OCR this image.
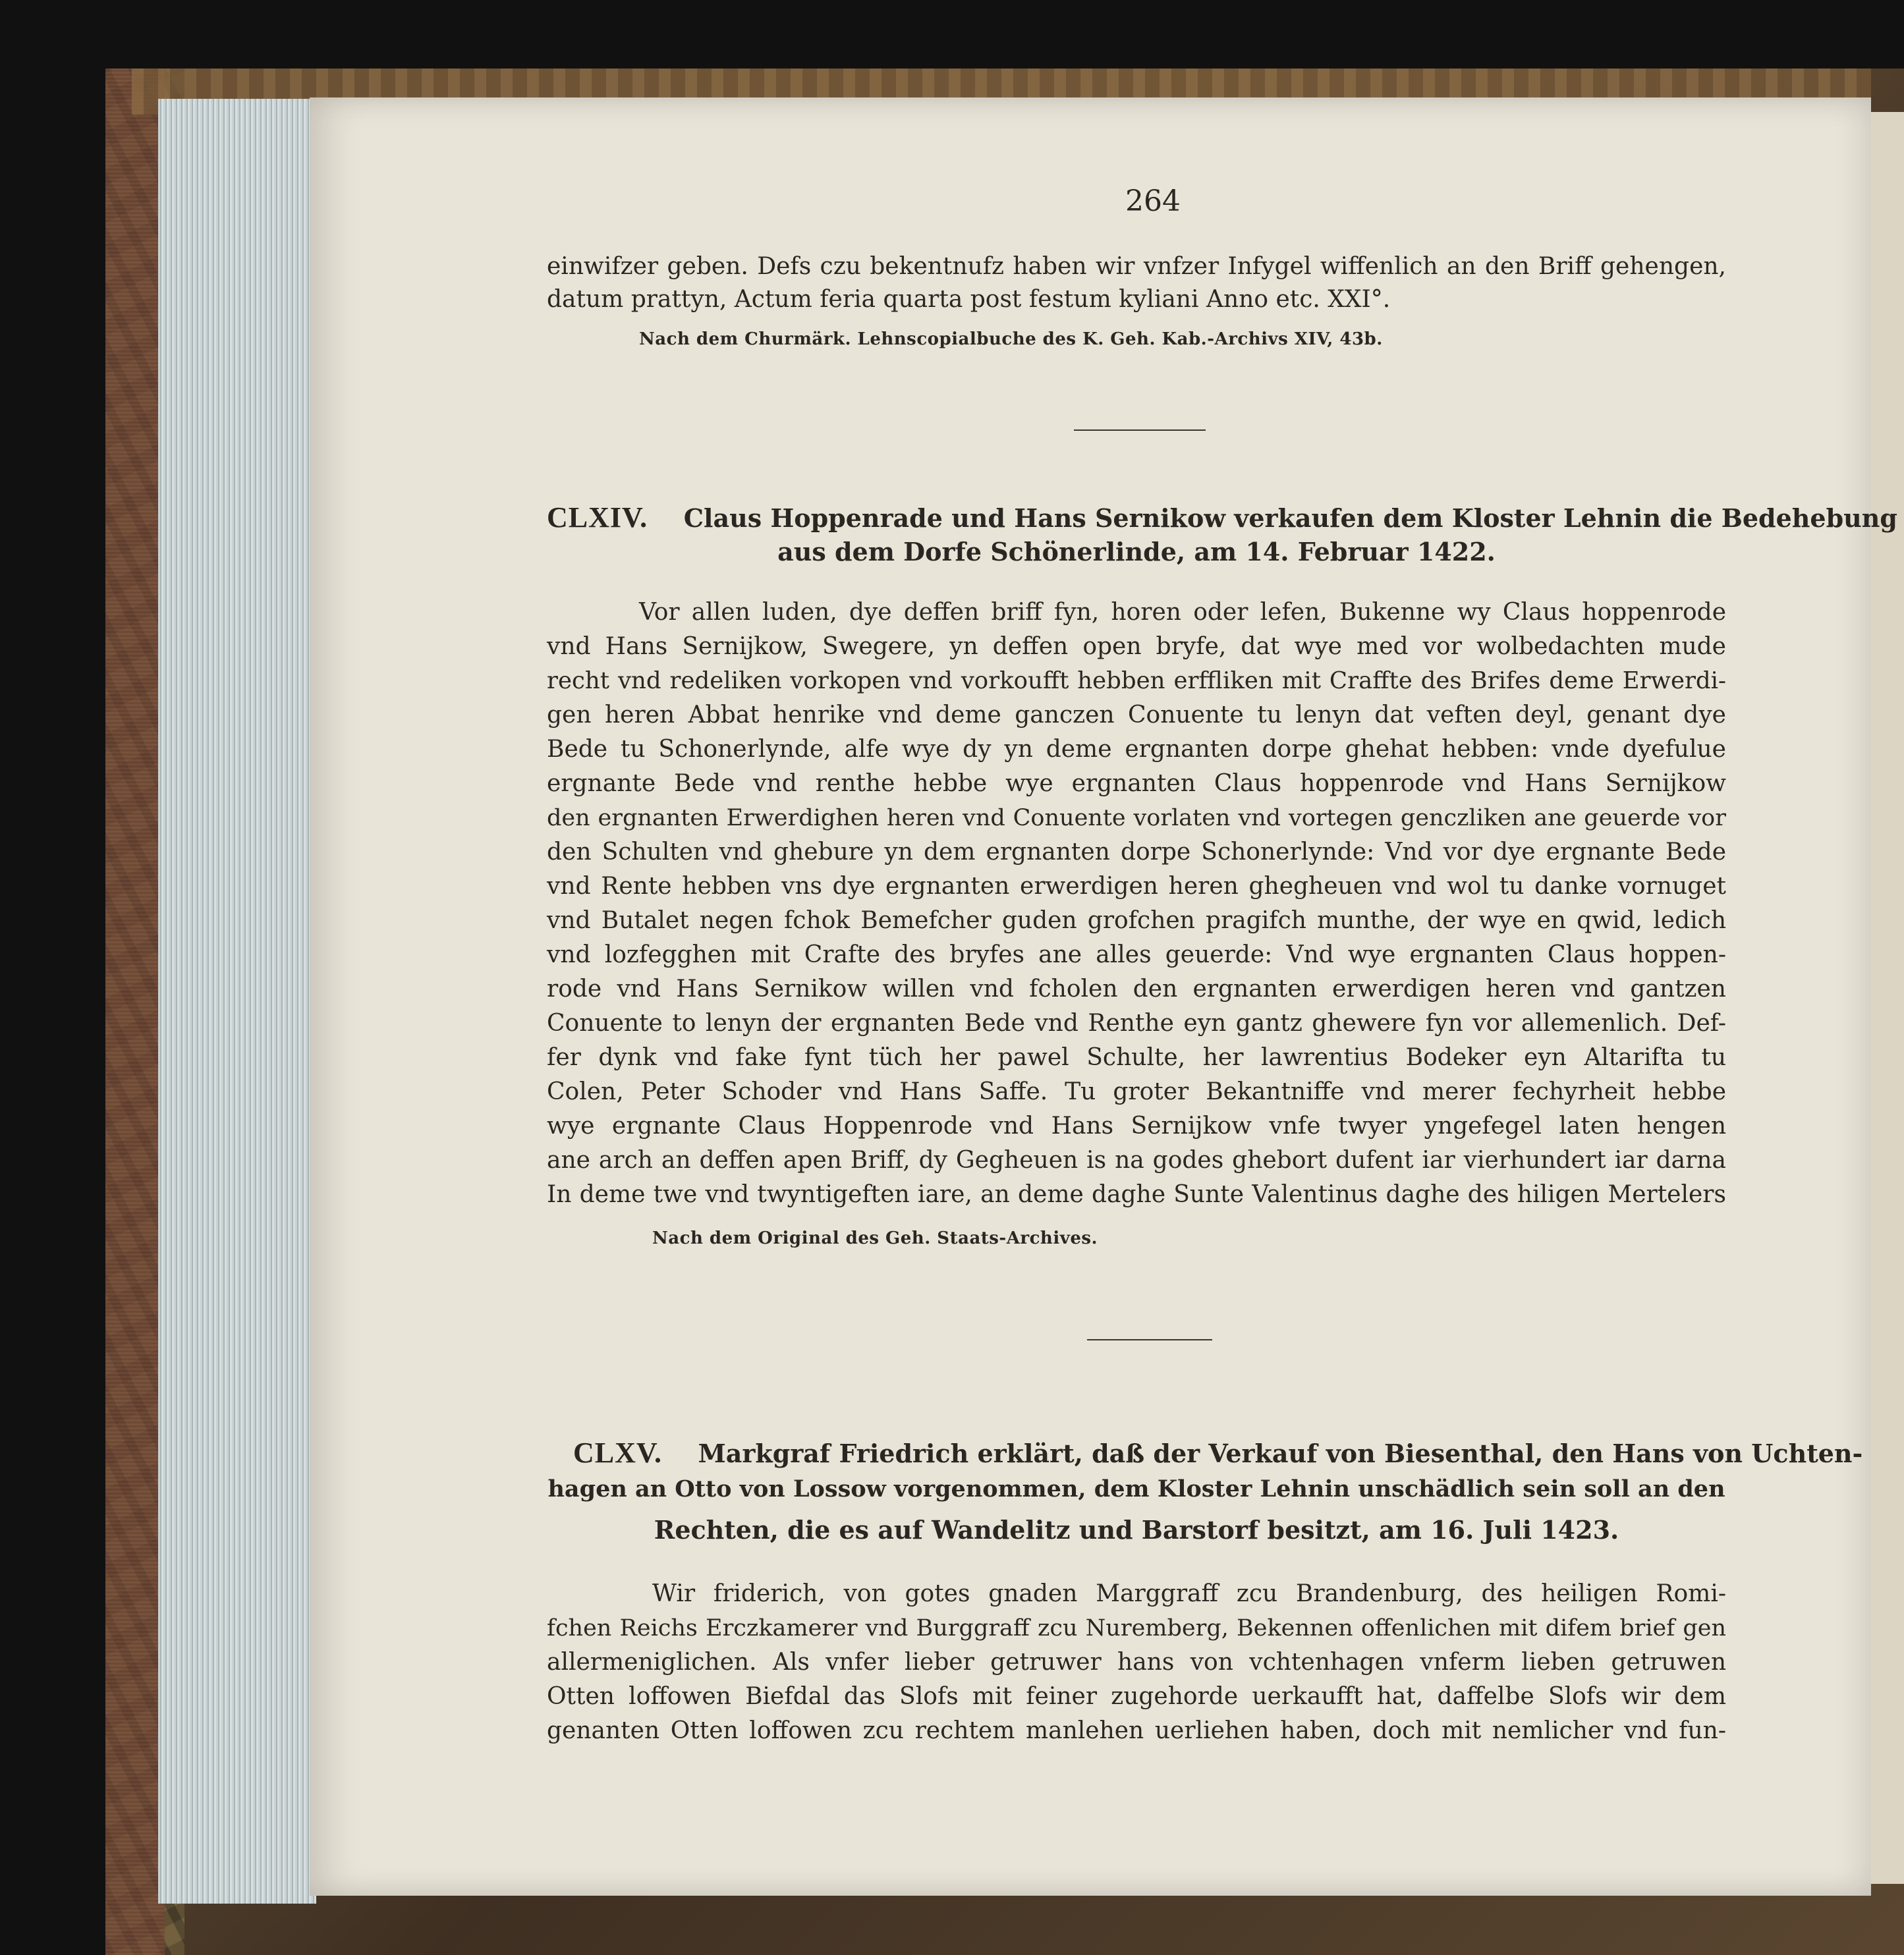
264
einwifzer geben. Defs czu bekentnufz haben wir vnfzer Infygel wiffenlich an den Briff gehengen,
datum prattyn, Actum feria quarta post festum kyliani Anno etc. XXI°.
Nach dem Churmärk. Lehnscopialbuche des K. Geh. Kab.-Archivs XIV, 43b.
CLXIV. Claus Hoppenrade und Hans Sernikow verkaufen dem Kloster Lehnin die Bedehebung
aus dem Dorfe Schönerlinde, am 14. Februar 1422.
Vor allen luden, dye deffen briff fyn, horen oder lefen, Bukenne wy Claus hoppenrode
vnd Hans Sernijkow, Swegere, yn deffen open bryfe, dat wye med vor wolbedachten mude
recht vnd redeliken vorkopen vnd vorkoufft hebben erffliken mit Craffte des Brifes deme Erwerdi-
gen heren Abbat henrike vnd deme ganczen Conuente tu lenyn dat veften deyl, genant dye
Bede tu Schonerlynde, alfe wye dy yn deme ergnanten dorpe ghehat hebben: vnde dyefulue
ergnante Bede vnd renthe hebbe wye ergnanten Claus hoppenrode vnd Hans Sernijkow
den ergnanten Erwerdighen heren vnd Conuente vorlaten vnd vortegen genczliken ane geuerde vor
den Schulten vnd ghebure yn dem ergnanten dorpe Schonerlynde: Vnd vor dye ergnante Bede
vnd Rente hebben vns dye ergnanten erwerdigen heren ghegheuen vnd wol tu danke vornuget
vnd Butalet negen fchok Bemefcher guden grofchen pragifch munthe, der wye en qwid, ledich
vnd lozfegghen mit Crafte des bryfes ane alles geuerde: Vnd wye ergnanten Claus hoppen-
rode vnd Hans Sernikow willen vnd fcholen den ergnanten erwerdigen heren vnd gantzen
Conuente to lenyn der ergnanten Bede vnd Renthe eyn gantz ghewere fyn vor allemenlich. Def-
fer dynk vnd fake fynt tüch her pawel Schulte, her lawrentius Bodeker eyn Altarifta tu
Colen, Peter Schoder vnd Hans Saffe. Tu groter Bekantniffe vnd merer fechyrheit hebbe
wye ergnante Claus Hoppenrode vnd Hans Sernijkow vnfe twyer yngefegel laten hengen
ane arch an deffen apen Briff, dy Gegheuen is na godes ghebort dufent iar vierhundert iar darna
In deme twe vnd twyntigeften iare, an deme daghe Sunte Valentinus daghe des hiligen Mertelers
Nach dem Original des Geh. Staats-Archives.
CLXV. Markgraf Friedrich erklärt, daß der Verkauf von Biesenthal, den Hans von Uchten-
hagen an Otto von Lossow vorgenommen, dem Kloster Lehnin unschädlich sein soll an den
Rechten, die es auf Wandelitz und Barstorf besitzt, am 16. Juli 1423.
Wir friderich, von gotes gnaden Marggraff zcu Brandenburg, des heiligen Romi-
fchen Reichs Erczkamerer vnd Burggraff zcu Nuremberg, Bekennen offenlichen mit difem brief gen
allermeniglichen. Als vnfer lieber getruwer hans von vchtenhagen vnferm lieben getruwen
Otten loffowen Biefdal das Slofs mit feiner zugehorde uerkaufft hat, daffelbe Slofs wir dem
genanten Otten loffowen zcu rechtem manlehen uerliehen haben, doch mit nemlicher vnd fun-
